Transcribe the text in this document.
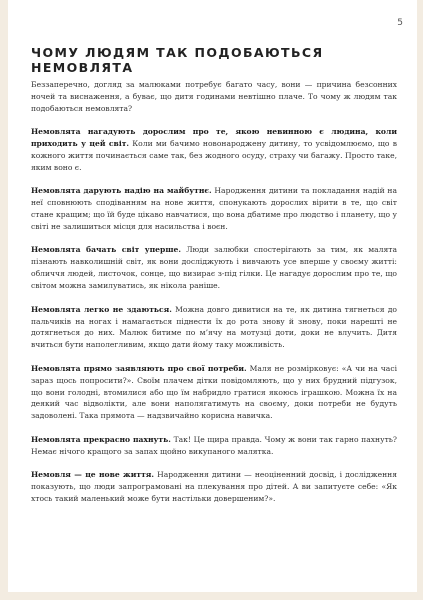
5
ЧОМУ ЛЮДЯМ ТАК ПОДОБАЮТЬСЯ НЕМОВЛЯТА

Беззаперечно, догляд за малюками потребує багато часу, вони — причина безсонних ночей та виснаження, а буває, що дитя годинами невтішно плаче. То чому ж людям так подобаються немовлята?

Немовлята нагадують дорослим про те, якою невинною є людина, коли приходить у цей світ. Коли ми бачимо новонароджену дитину, то усвідомлюємо, що в кожного життя починається саме так, без жодного осуду, страху чи багажу. Просто таке, яким воно є.

Немовлята дарують надію на майбутнє. Народження дитини та покладання надій на неї сповнюють сподіванням на нове життя, спонукають дорослих вірити в те, що світ стане кращим; що їй буде цікаво навчатися, що вона дбатиме про людство і планету, що у світі не залишиться місця для насильства і воєн.

Немовлята бачать світ уперше. Люди залюбки спостерігають за тим, як малята пізнають навколишній світ, як вони досліджують і вивчають усе вперше у своєму житті: обличчя людей, листочок, сонце, що визирає з-під гілки. Це нагадує дорослим про те, що світом можна замилуватись, як нікола раніше.

Немовлята легко не здаються. Можна довго дивитися на те, як дитина тягнеться до пальчиків на ногах і намагається піднести їх до рота знову й знову, поки нарешті не дотягнеться до них. Малюк битиме по м’ячу на мотузці доти, доки не влучить. Дитя вчиться бути наполегливим, якщо дати йому таку можливість.

Немовлята прямо заявляють про свої потреби. Маля не розмірковує: «А чи на часі зараз щось попросити?». Своїм плачем дітки повідомляють, що у них брудний підгузок, що вони голодні, втомилися або що їм набридло гратися якоюсь іграшкою. Можна їх на деякий час відволікти, але вони наполягатимуть на своєму, доки потреби не будуть задоволені. Така прямота — надзвичайно корисна навичка.

Немовлята прекрасно пахнуть. Так! Це щира правда. Чому ж вони так гарно пахнуть? Немає нічого кращого за запах щойно викупаного малятка.

Немовля — це нове життя. Народження дитини — неоціненний досвід, і дослідження показують, що люди запрограмовані на плекування про дітей. А ви запитуєте себе: «Як хтось такий маленький може бути настільки довершеним?».
